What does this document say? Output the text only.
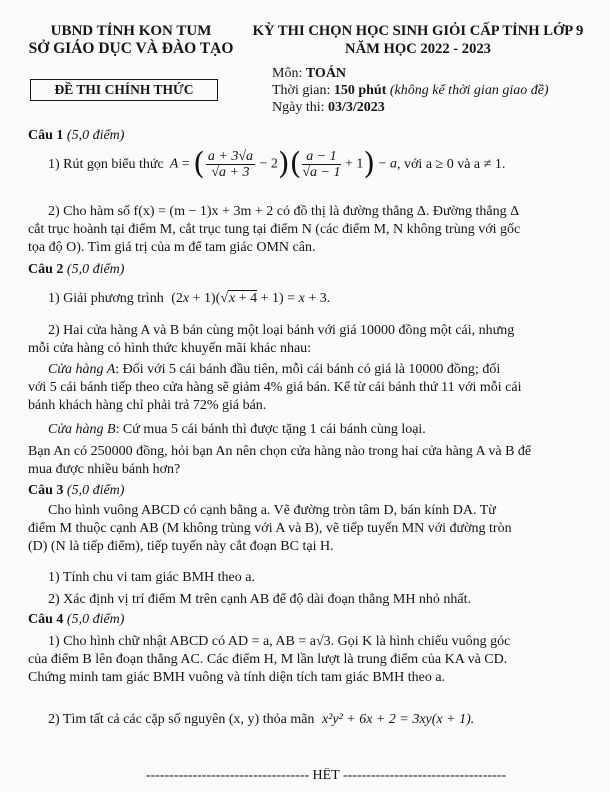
UBND TỈNH KON TUM
SỞ GIÁO DỤC VÀ ĐÀO TẠO
ĐỀ THI CHÍNH THỨC
KỲ THI CHỌN HỌC SINH GIỎI CẤP TỈNH LỚP 9
NĂM HỌC 2022 - 2023
Môn: TOÁN
Thời gian: 150 phút (không kể thời gian giao đề)
Ngày thi: 03/3/2023
Câu 1 (5,0 điểm)
1) Rút gọn biểu thức A = ( $\frac{a + 3√a}{√a + 3} - 2)( \frac{a - 1}{√a - 1} + 1) - a$ , với a ≥ 0 và a ≠ 1.
2) Cho hàm số f(x) = (m − 1)x + 3m + 2 có đồ thị là đường thẳng Δ. Đường thẳng Δ
cắt trục hoành tại điểm M, cắt trục tung tại điểm N (các điểm M, N không trùng với gốc
tọa độ O). Tìm giá trị của m để tam giác OMN cân.
Câu 2 (5,0 điểm)
1) Giải phương trình (2x + 1)(√x + 4 + 1) = x + 3.
2) Hai cửa hàng A và B bán cùng một loại bánh với giá 10000 đồng một cái, nhưng
mỗi cửa hàng có hình thức khuyến mãi khác nhau:
Cửa hàng A: Đối với 5 cái bánh đầu tiên, mỗi cái bánh có giá là 10000 đồng; đối
với 5 cái bánh tiếp theo cửa hàng sẽ giảm 4% giá bán. Kể từ cái bánh thứ 11 với mỗi cái
bánh khách hàng chỉ phải trả 72% giá bán.
Cửa hàng B: Cứ mua 5 cái bánh thì được tặng 1 cái bánh cùng loại.
Bạn An có 250000 đồng, hỏi bạn An nên chọn cửa hàng nào trong hai cửa hàng A và B để
mua được nhiều bánh hơn?
Câu 3 (5,0 điểm)
Cho hình vuông ABCD có cạnh bằng a. Vẽ đường tròn tâm D, bán kính DA. Từ
điểm M thuộc cạnh AB (M không trùng với A và B), vẽ tiếp tuyến MN với đường tròn
(D) (N là tiếp điểm), tiếp tuyến này cắt đoạn BC tại H.
1) Tính chu vi tam giác BMH theo a.
2) Xác định vị trí điểm M trên cạnh AB để độ dài đoạn thẳng MH nhỏ nhất.
Câu 4 (5,0 điểm)
1) Cho hình chữ nhật ABCD có AD = a, AB = a√3. Gọi K là hình chiếu vuông góc
của điểm B lên đoạn thẳng AC. Các điểm H, M lần lượt là trung điểm của KA và CD.
Chứng minh tam giác BMH vuông và tính diện tích tam giác BMH theo a.
2) Tìm tất cả các cặp số nguyên (x, y) thỏa mãn x²y² + 6x + 2 = 3xy(x + 1).
----------------------------------- HẾT -----------------------------------
